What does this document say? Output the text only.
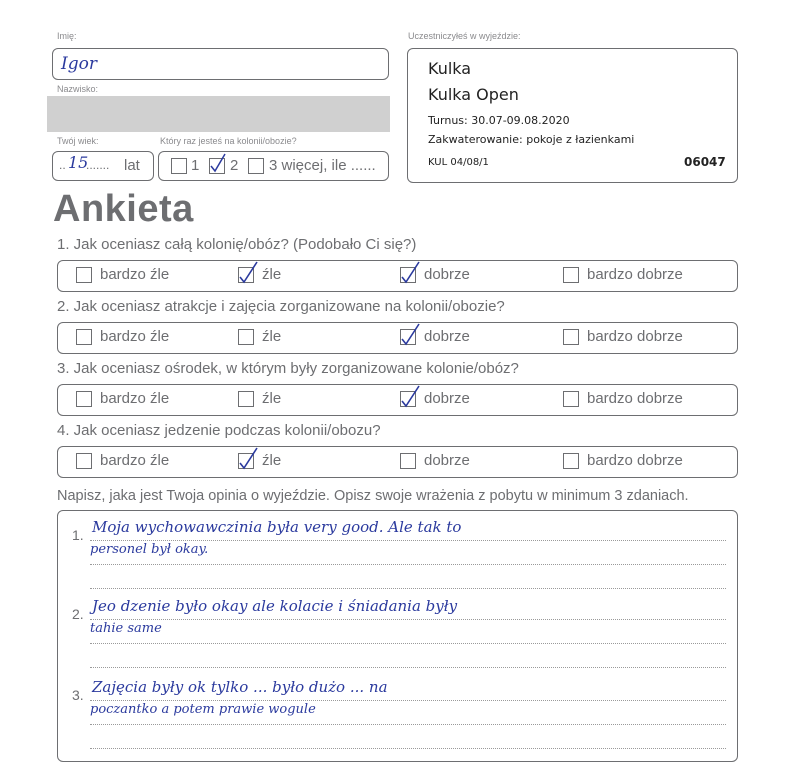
Imię:
Igor
Nazwisko:
Twój wiek:
.. 15
....... lat
Który raz jesteś na kolonii/obozie?
1 2 3 więcej, ile ......
Uczestniczyłeś w wyjeździe:
Kulka
Kulka Open
Turnus: 30.07-09.08.2020
Zakwaterowanie: pokoje z łazienkami
KUL 04/08/1	06047
Ankieta
1. Jak oceniasz całą kolonię/obóz? (Podobało Ci się?)
bardzo źle	źle	dobrze	bardzo dobrze
2. Jak oceniasz atrakcje i zajęcia zorganizowane na kolonii/obozie?
bardzo źle	źle	dobrze	bardzo dobrze
3. Jak oceniasz ośrodek, w którym były zorganizowane kolonie/obóz?
bardzo źle	źle	dobrze	bardzo dobrze
4. Jak oceniasz jedzenie podczas kolonii/obozu?
bardzo źle	źle	dobrze	bardzo dobrze
Napisz, jaka jest Twoja opinia o wyjeździe. Opisz swoje wrażenia z pobytu w minimum 3 zdaniach.
1. Moja wychowawczinia była very good. Ale tak to
personel był okay.
2. Jeo dzenie było okay ale kolacie i śniadania były
tahie same
3. Zajęcia były ok tylko ... było dużo ... na
poczantko a potem prawie wogule
